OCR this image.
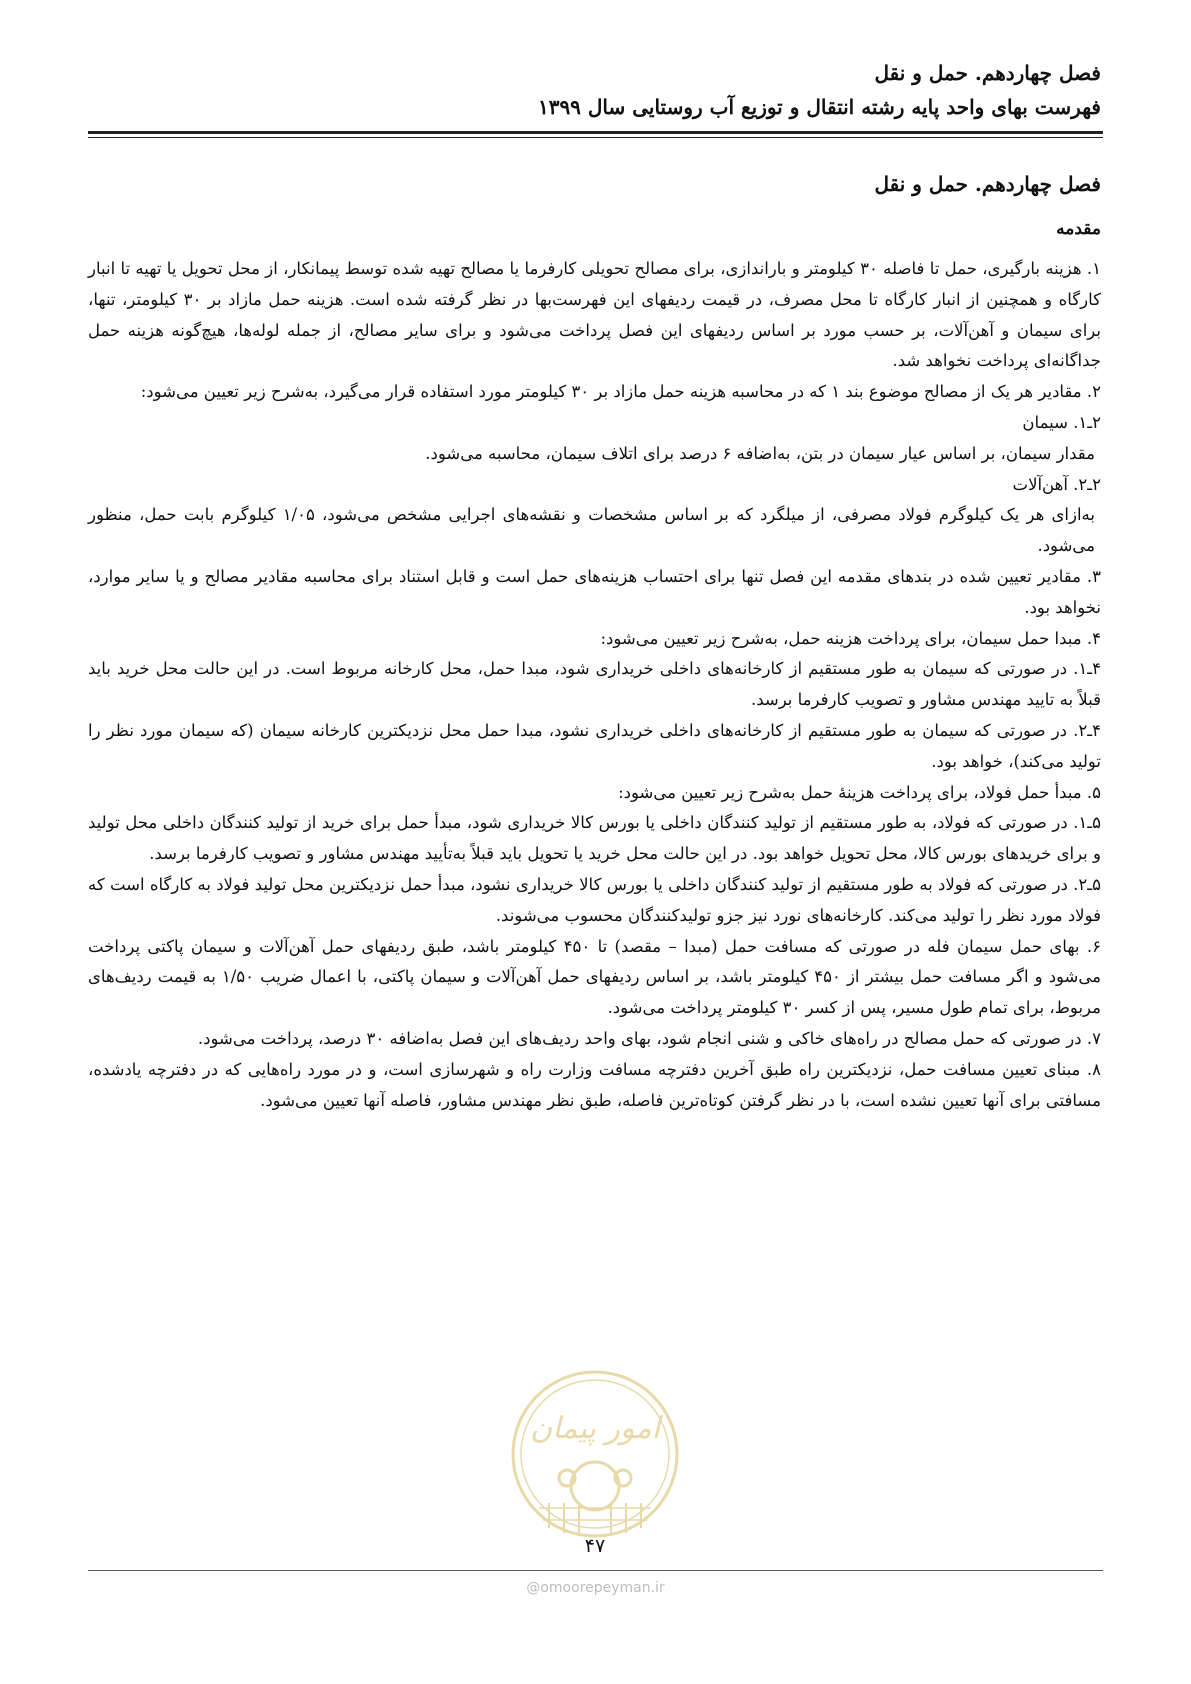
فصل چهاردهم. حمل و نقل
فهرست بهای واحد پایه رشته انتقال و توزیع آب روستایی سال ۱۳۹۹
فصل چهاردهم. حمل و نقل
مقدمه

۱. هزینه بارگیری، حمل تا فاصله ۳۰ کیلومتر و باراندازی، برای مصالح تحویلی کارفرما یا مصالح تهیه شده توسط پیمانکار، از محل تحویل یا تهیه تا انبار کارگاه و همچنین از انبار کارگاه تا محل مصرف، در قیمت ردیفهای این فهرست‌بها در نظر گرفته شده است. هزینه حمل مازاد بر ۳۰ کیلومتر، تنها، برای سیمان و آهن‌آلات، بر حسب مورد بر اساس ردیفهای این فصل پرداخت می‌شود و برای سایر مصالح، از جمله لوله‌ها، هیچ‌گونه هزینه حمل جداگانه‌ای پرداخت نخواهد شد.

۲. مقادیر هر یک از مصالح موضوع بند ۱ که در محاسبه هزینه حمل مازاد بر ۳۰ کیلومتر مورد استفاده قرار می‌گیرد، به‌شرح زیر تعیین می‌شود:

۲ـ۱. سیمان

مقدار سیمان، بر اساس عیار سیمان در بتن، به‌اضافه ۶ درصد برای اتلاف سیمان، محاسبه می‌شود.

۲ـ۲. آهن‌آلات

به‌ازای هر یک کیلوگرم فولاد مصرفی، از میلگرد که بر اساس مشخصات و نقشه‌های اجرایی مشخص می‌شود، ۱/۰۵ کیلوگرم بابت حمل، منظور می‌شود.

۳. مقادیر تعیین شده در بندهای مقدمه این فصل تنها برای احتساب هزینه‌های حمل است و قابل استناد برای محاسبه مقادیر مصالح و یا سایر موارد، نخواهد بود.

۴. مبدا حمل سیمان، برای پرداخت هزینه حمل، به‌شرح زیر تعیین می‌شود:

۴ـ۱. در صورتی که سیمان به طور مستقیم از کارخانه‌های داخلی خریداری شود، مبدا حمل، محل کارخانه مربوط است. در این حالت محل خرید باید قبلاً به تایید مهندس مشاور و تصویب کارفرما برسد.

۴ـ۲. در صورتی که سیمان به طور مستقیم از کارخانه‌های داخلی خریداری نشود، مبدا حمل محل نزدیکترین کارخانه سیمان (که سیمان مورد نظر را تولید می‌کند)، خواهد بود.

۵. مبدأ حمل فولاد، برای پرداخت هزینهٔ حمل به‌شرح زیر تعیین می‌شود:

۵ـ۱. در صورتی که فولاد، به طور مستقیم از تولید کنندگان داخلی یا بورس کالا خریداری شود، مبدأ حمل برای خرید از تولید کنندگان داخلی محل تولید و برای خریدهای بورس کالا، محل تحویل خواهد بود. در این حالت محل خرید یا تحویل باید قبلاً به‌تأیید مهندس مشاور و تصویب کارفرما برسد.

۵ـ۲. در صورتی که فولاد به طور مستقیم از تولید کنندگان داخلی یا بورس کالا خریداری نشود، مبدأ حمل نزدیکترین محل تولید فولاد به کارگاه است که فولاد مورد نظر را تولید می‌کند. کارخانه‌های نورد نیز جزو تولیدکنندگان محسوب می‌شوند.

۶. بهای حمل سیمان فله در صورتی که مسافت حمل (مبدا – مقصد) تا ۴۵۰ کیلومتر باشد، طبق ردیفهای حمل آهن‌آلات و سیمان پاکتی پرداخت می‌شود و اگر مسافت حمل بیشتر از ۴۵۰ کیلومتر باشد، بر اساس ردیفهای حمل آهن‌آلات و سیمان پاکتی، با اعمال ضریب ۱/۵۰ به قیمت ردیف‌های مربوط، برای تمام طول مسیر، پس از کسر ۳۰ کیلومتر پرداخت می‌شود.

۷. در صورتی که حمل مصالح در راه‌های خاکی و شنی انجام شود، بهای واحد ردیف‌های این فصل به‌اضافه ۳۰ درصد، پرداخت می‌شود.

۸. مبنای تعیین مسافت حمل، نزدیکترین راه طبق آخرین دفترچه مسافت وزارت راه و شهرسازی است، و در مورد راه‌هایی که در دفترچه یادشده، مسافتی برای آنها تعیین نشده است، با در نظر گرفتن کوتاه‌ترین فاصله، طبق نظر مهندس مشاور، فاصله آنها تعیین می‌شود.

امور پیمان
۴۷
@omoorepeyman.ir
